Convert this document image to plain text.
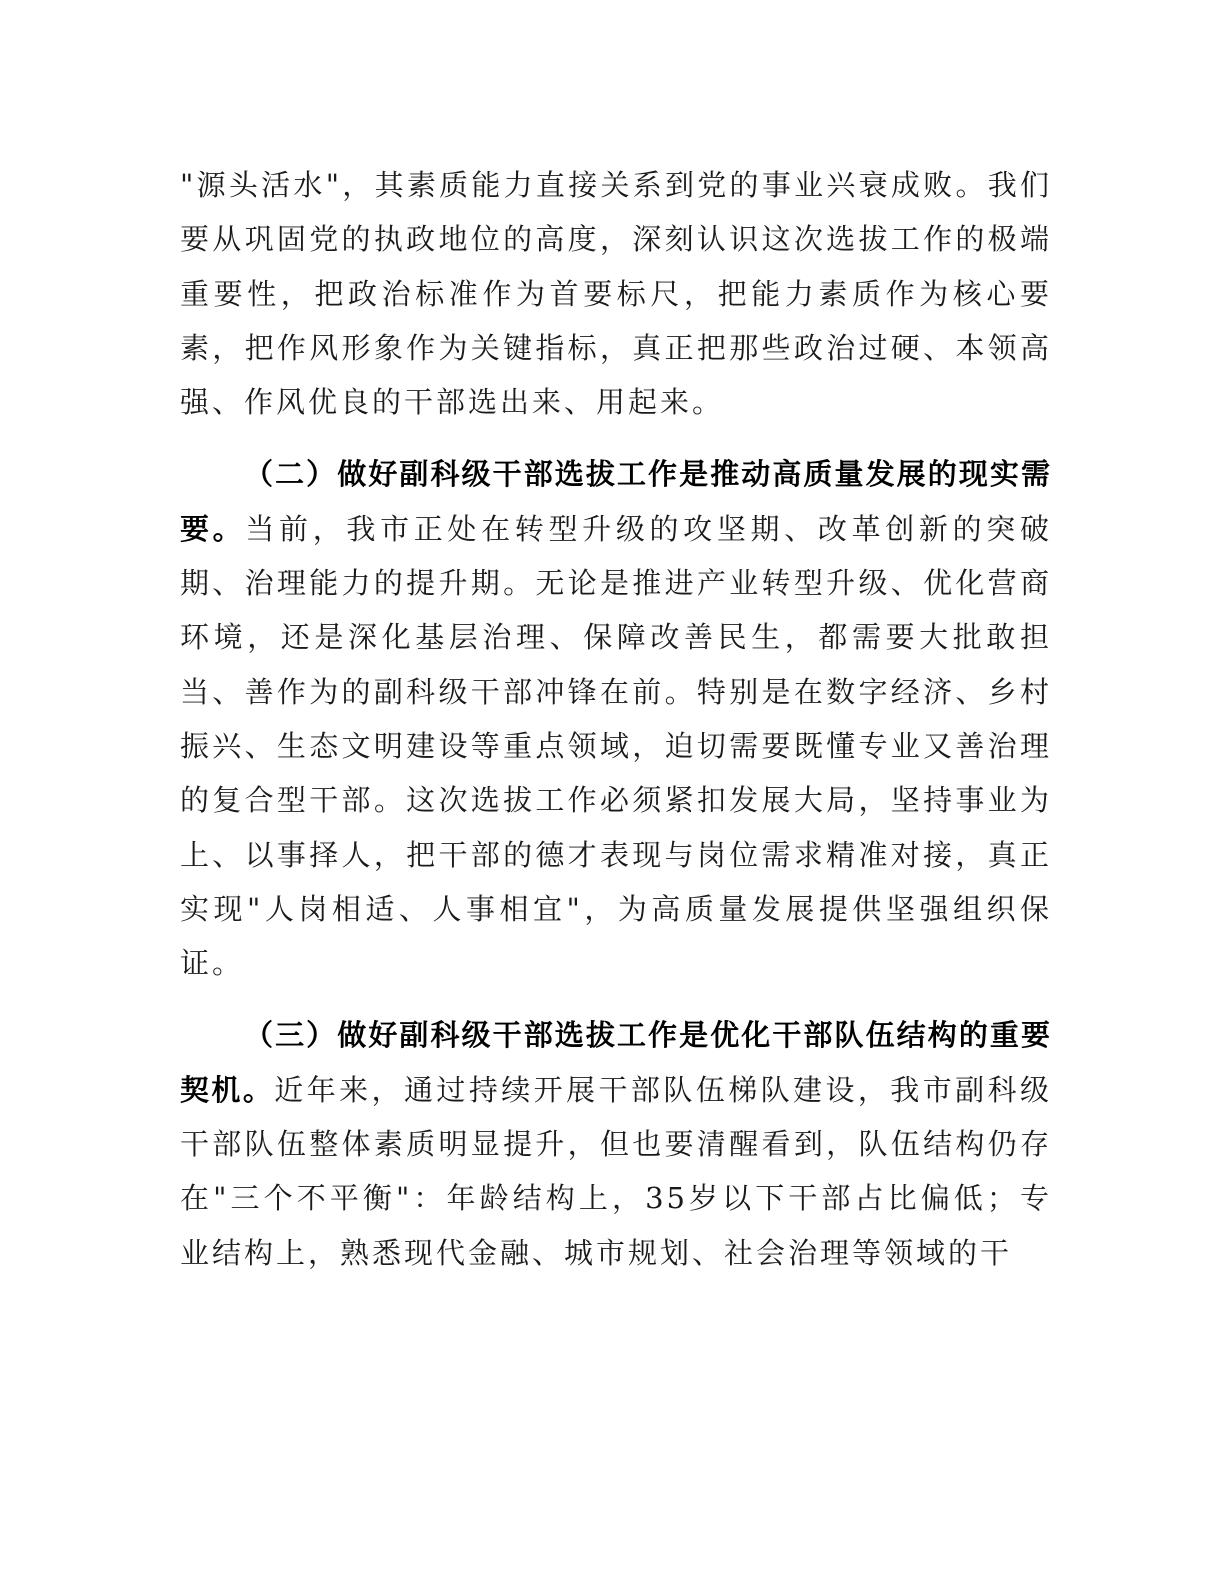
"源头活水"，其素质能力直接关系到党的事业兴衰成败。我们要从巩固党的执政地位的高度，深刻认识这次选拔工作的极端重要性，把政治标准作为首要标尺，把能力素质作为核心要素，把作风形象作为关键指标，真正把那些政治过硬、本领高强、作风优良的干部选出来、用起来。

（二）做好副科级干部选拔工作是推动高质量发展的现实需要。当前，我市正处在转型升级的攻坚期、改革创新的突破期、治理能力的提升期。无论是推进产业转型升级、优化营商环境，还是深化基层治理、保障改善民生，都需要大批敢担当、善作为的副科级干部冲锋在前。特别是在数字经济、乡村振兴、生态文明建设等重点领域，迫切需要既懂专业又善治理的复合型干部。这次选拔工作必须紧扣发展大局，坚持事业为上、以事择人，把干部的德才表现与岗位需求精准对接，真正实现"人岗相适、人事相宜"，为高质量发展提供坚强组织保证。

（三）做好副科级干部选拔工作是优化干部队伍结构的重要契机。近年来，通过持续开展干部队伍梯队建设，我市副科级干部队伍整体素质明显提升，但也要清醒看到，队伍结构仍存在"三个不平衡"：年龄结构上，35岁以下干部占比偏低；专业结构上，熟悉现代金融、城市规划、社会治理等领域的干
